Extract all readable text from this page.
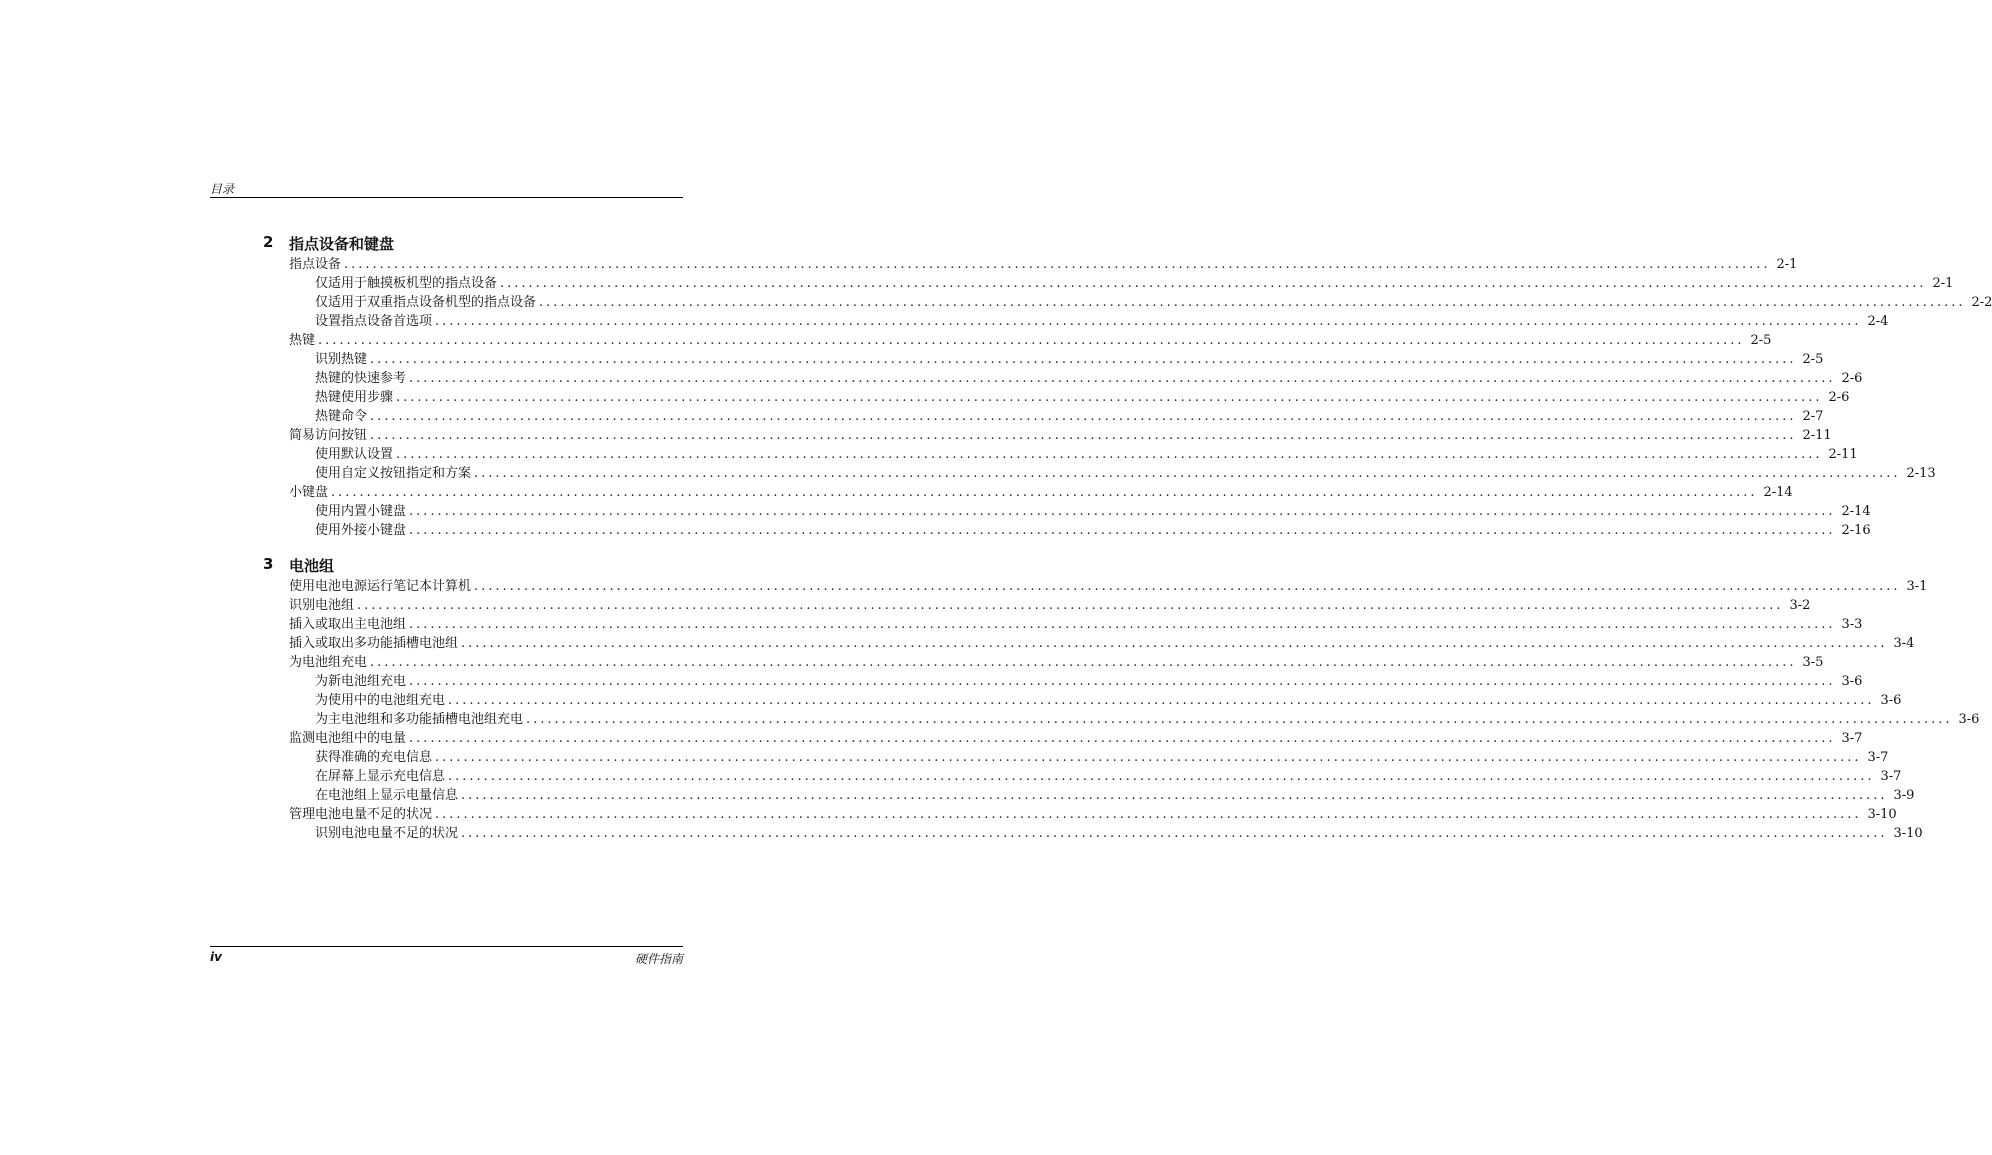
目录
2 指点设备和键盘
指点设备 ........................................................................................................................................................................................................ 2-1
仅适用于触摸板机型的指点设备 ........................................................................................................................................................................................................ 2-1
仅适用于双重指点设备机型的指点设备 ........................................................................................................................................................................................................ 2-2
设置指点设备首选项 ........................................................................................................................................................................................................ 2-4
热键 ........................................................................................................................................................................................................ 2-5
识别热键 ........................................................................................................................................................................................................ 2-5
热键的快速参考 ........................................................................................................................................................................................................ 2-6
热键使用步骤 ........................................................................................................................................................................................................ 2-6
热键命令 ........................................................................................................................................................................................................ 2-7
简易访问按钮 ........................................................................................................................................................................................................ 2-11
使用默认设置 ........................................................................................................................................................................................................ 2-11
使用自定义按钮指定和方案 ........................................................................................................................................................................................................ 2-13
小键盘 ........................................................................................................................................................................................................ 2-14
使用内置小键盘 ........................................................................................................................................................................................................ 2-14
使用外接小键盘 ........................................................................................................................................................................................................ 2-16
3 电池组
使用电池电源运行笔记本计算机 ........................................................................................................................................................................................................ 3-1
识别电池组 ........................................................................................................................................................................................................ 3-2
插入或取出主电池组 ........................................................................................................................................................................................................ 3-3
插入或取出多功能插槽电池组 ........................................................................................................................................................................................................ 3-4
为电池组充电 ........................................................................................................................................................................................................ 3-5
为新电池组充电 ........................................................................................................................................................................................................ 3-6
为使用中的电池组充电 ........................................................................................................................................................................................................ 3-6
为主电池组和多功能插槽电池组充电 ........................................................................................................................................................................................................ 3-6
监测电池组中的电量 ........................................................................................................................................................................................................ 3-7
获得准确的充电信息 ........................................................................................................................................................................................................ 3-7
在屏幕上显示充电信息 ........................................................................................................................................................................................................ 3-7
在电池组上显示电量信息 ........................................................................................................................................................................................................ 3-9
管理电池电量不足的状况 ........................................................................................................................................................................................................ 3-10
识别电池电量不足的状况 ........................................................................................................................................................................................................ 3-10
iv	硬件指南
